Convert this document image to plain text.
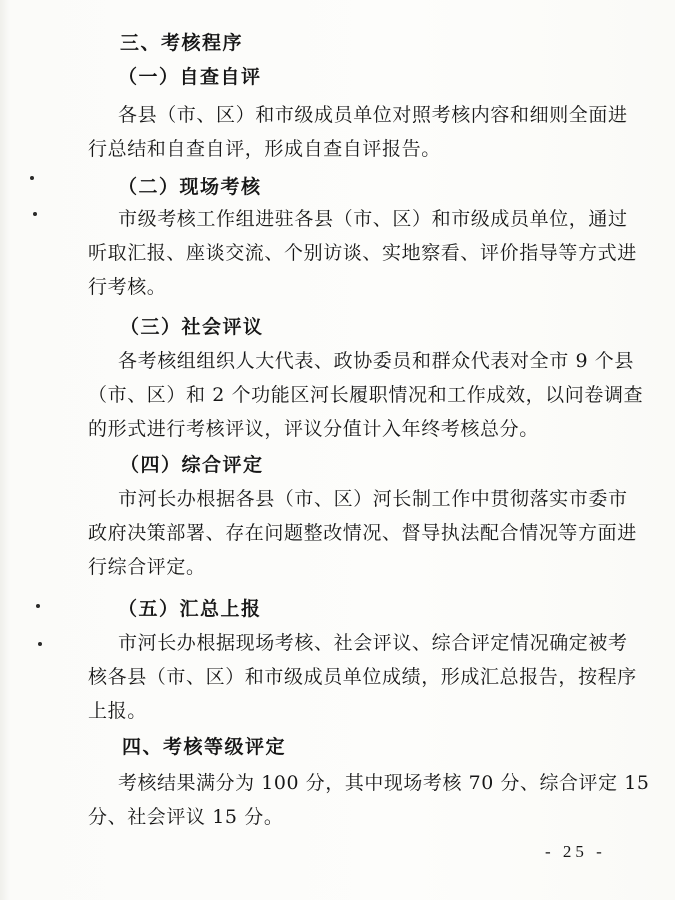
三、考核程序
（一）自查自评
各县（市、区）和市级成员单位对照考核内容和细则全面进
行总结和自查自评，形成自查自评报告。
（二）现场考核
市级考核工作组进驻各县（市、区）和市级成员单位，通过
听取汇报、座谈交流、个别访谈、实地察看、评价指导等方式进
行考核。
（三）社会评议
各考核组组织人大代表、政协委员和群众代表对全市 9 个县
（市、区）和 2 个功能区河长履职情况和工作成效，以问卷调查
的形式进行考核评议，评议分值计入年终考核总分。
（四）综合评定
市河长办根据各县（市、区）河长制工作中贯彻落实市委市
政府决策部署、存在问题整改情况、督导执法配合情况等方面进
行综合评定。
（五）汇总上报
市河长办根据现场考核、社会评议、综合评定情况确定被考
核各县（市、区）和市级成员单位成绩，形成汇总报告，按程序
上报。
四、考核等级评定
考核结果满分为 100 分，其中现场考核 70 分、综合评定 15
分、社会评议 15 分。
- 25 -
